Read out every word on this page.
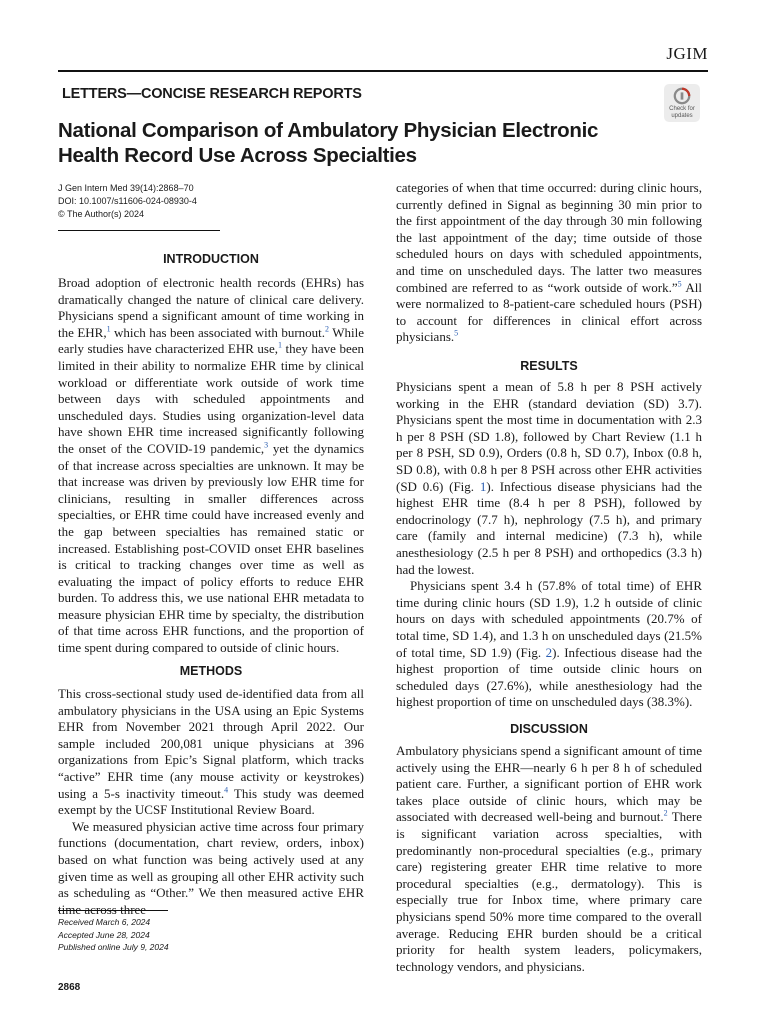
JGIM
LETTERS—CONCISE RESEARCH REPORTS
National Comparison of Ambulatory Physician Electronic
Health Record Use Across Specialties
Check for
updates
J Gen Intern Med 39(14):2868–70
DOI: 10.1007/s11606-024-08930-4
© The Author(s) 2024
INTRODUCTION

Broad adoption of electronic health records (EHRs) has dramatically changed the nature of clinical care delivery. Physicians spend a significant amount of time working in the EHR,$^1$ which has been associated with burnout.$^2$ While early studies have characterized EHR use,$^1$ they have been limited in their ability to normalize EHR time by clinical workload or differentiate work outside of work time between days with scheduled appointments and unscheduled days. Studies using organization-level data have shown EHR time increased significantly following the onset of the COVID-19 pandemic,$^3$ yet the dynamics of that increase across specialties are unknown. It may be that increase was driven by previously low EHR time for clinicians, resulting in smaller differences across specialties, or EHR time could have increased evenly and the gap between specialties has remained static or increased. Establishing post-COVID onset EHR baselines is critical to tracking changes over time as well as evaluating the impact of policy efforts to reduce EHR burden. To address this, we use national EHR metadata to measure physician EHR time by specialty, the distribution of that time across EHR functions, and the proportion of time spent during compared to outside of clinic hours.

METHODS

This cross-sectional study used de-identified data from all ambulatory physicians in the USA using an Epic Systems EHR from November 2021 through April 2022. Our sample included 200,081 unique physicians at 396 organizations from Epic’s Signal platform, which tracks “active” EHR time (any mouse activity or keystrokes) using a 5-s inactivity timeout.$^4$ This study was deemed exempt by the UCSF Institutional Review Board.

We measured physician active time across four primary functions (documentation, chart review, orders, inbox) based on what function was being actively used at any given time as well as grouping all other EHR activity such as scheduling as “Other.” We then measured active EHR time across three

Received March 6, 2024
Accepted June 28, 2024
Published online July 9, 2024
2868

categories of when that time occurred: during clinic hours, currently defined in Signal as beginning 30 min prior to the first appointment of the day through 30 min following the last appointment of the day; time outside of those scheduled hours on days with scheduled appointments, and time on unscheduled days. The latter two measures combined are referred to as “work outside of work.”$^5$ All were normalized to 8-patient-care scheduled hours (PSH) to account for differences in clinical effort across physicians.$^5$

RESULTS

Physicians spent a mean of 5.8 h per 8 PSH actively working in the EHR (standard deviation (SD) 3.7). Physicians spent the most time in documentation with 2.3 h per 8 PSH (SD 1.8), followed by Chart Review (1.1 h per 8 PSH, SD 0.9), Orders (0.8 h, SD 0.7), Inbox (0.8 h, SD 0.8), with 0.8 h per 8 PSH across other EHR activities (SD 0.6) (Fig. 1). Infectious disease physicians had the highest EHR time (8.4 h per 8 PSH), followed by endocrinology (7.7 h), nephrology (7.5 h), and primary care (family and internal medicine) (7.3 h), while anesthesiology (2.5 h per 8 PSH) and orthopedics (3.3 h) had the lowest.

Physicians spent 3.4 h (57.8% of total time) of EHR time during clinic hours (SD 1.9), 1.2 h outside of clinic hours on days with scheduled appointments (20.7% of total time, SD 1.4), and 1.3 h on unscheduled days (21.5% of total time, SD 1.9) (Fig. 2). Infectious disease had the highest proportion of time outside clinic hours on scheduled days (27.6%), while anesthesiology had the highest proportion of time on unscheduled days (38.3%).

DISCUSSION

Ambulatory physicians spend a significant amount of time actively using the EHR—nearly 6 h per 8 h of scheduled patient care. Further, a significant portion of EHR work takes place outside of clinic hours, which may be associated with decreased well-being and burnout.$^2$ There is significant variation across specialties, with predominantly non-procedural specialties (e.g., primary care) registering greater EHR time relative to more procedural specialties (e.g., dermatology). This is especially true for Inbox time, where primary care physicians spend 50% more time compared to the overall average. Reducing EHR burden should be a critical priority for health system leaders, policymakers, technology vendors, and physicians.
